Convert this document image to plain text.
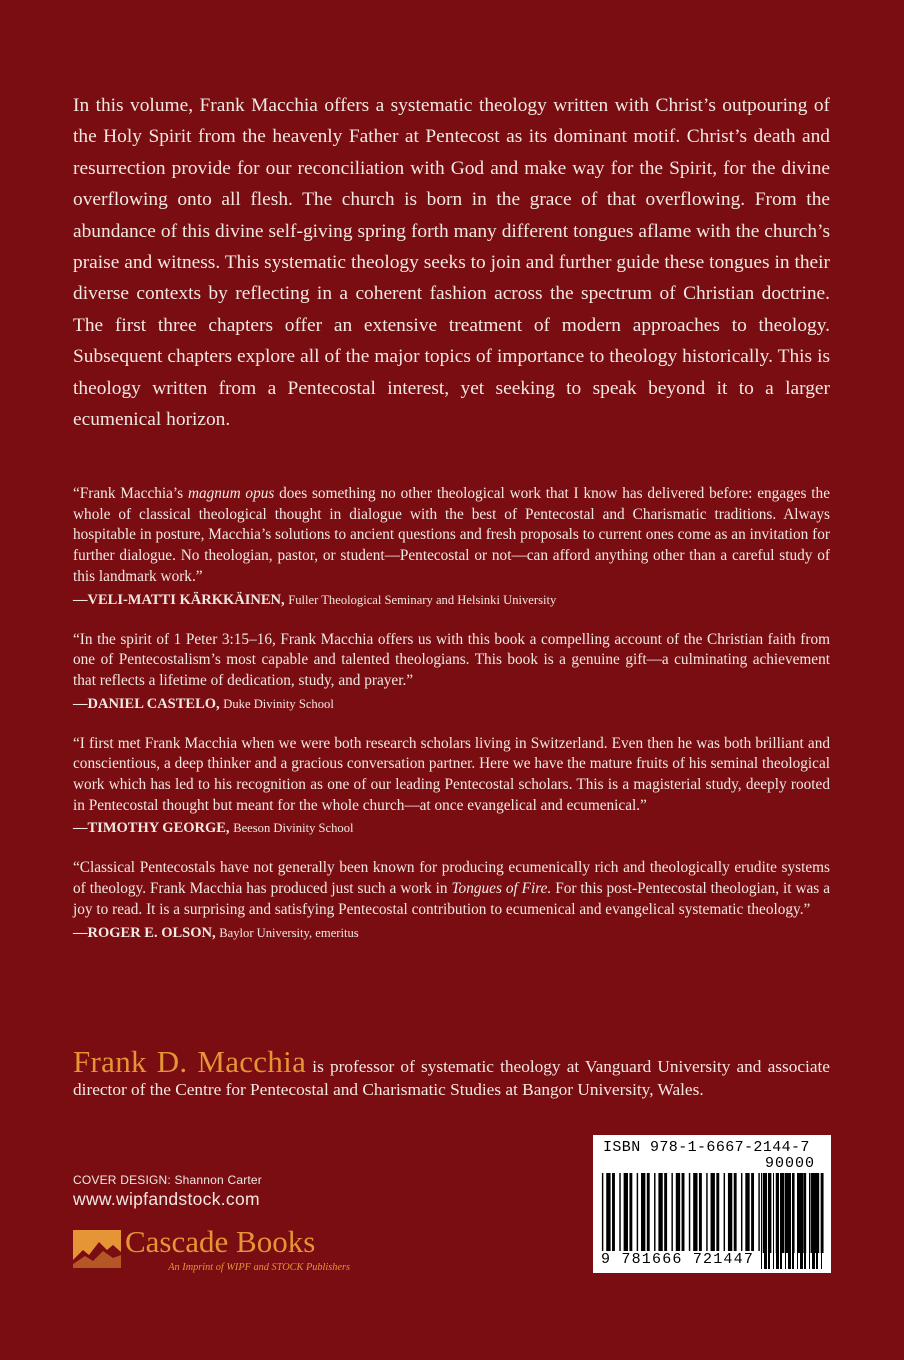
In this volume, Frank Macchia offers a systematic theology written with Christ’s outpouring of the Holy Spirit from the heavenly Father at Pentecost as its dominant motif. Christ’s death and resurrection provide for our reconciliation with God and make way for the Spirit, for the divine overflowing onto all flesh. The church is born in the grace of that overflowing. From the abundance of this divine self-giving spring forth many different tongues aflame with the church’s praise and witness. This systematic theology seeks to join and further guide these tongues in their diverse contexts by reflecting in a coherent fashion across the spectrum of Christian doctrine. The first three chapters offer an extensive treatment of modern approaches to theology. Subsequent chapters explore all of the major topics of importance to theology historically. This is theology written from a Pentecostal interest, yet seeking to speak beyond it to a larger ecumenical horizon.

“Frank Macchia’s magnum opus does something no other theological work that I know has delivered before: engages the whole of classical theological thought in dialogue with the best of Pentecostal and Charismatic traditions. Always hospitable in posture, Macchia’s solutions to ancient questions and fresh proposals to current ones come as an invitation for further dialogue. No theologian, pastor, or student—Pentecostal or not—can afford anything other than a careful study of this landmark work.”

—VELI-MATTI KÄRKKÄINEN, Fuller Theological Seminary and Helsinki University

“In the spirit of 1 Peter 3:15–16, Frank Macchia offers us with this book a compelling account of the Christian faith from one of Pentecostalism’s most capable and talented theologians. This book is a genuine gift—a culminating achievement that reflects a lifetime of dedication, study, and prayer.”

—DANIEL CASTELO, Duke Divinity School

“I first met Frank Macchia when we were both research scholars living in Switzerland. Even then he was both brilliant and conscientious, a deep thinker and a gracious conversation partner. Here we have the mature fruits of his seminal theological work which has led to his recognition as one of our leading Pentecostal scholars. This is a magisterial study, deeply rooted in Pentecostal thought but meant for the whole church—at once evangelical and ecumenical.”

—TIMOTHY GEORGE, Beeson Divinity School

“Classical Pentecostals have not generally been known for producing ecumenically rich and theologically erudite systems of theology. Frank Macchia has produced just such a work in Tongues of Fire. For this post-Pentecostal theologian, it was a joy to read. It is a surprising and satisfying Pentecostal contribution to ecumenical and evangelical systematic theology.”

—ROGER E. OLSON, Baylor University, emeritus

Frank D. Macchia is professor of systematic theology at Vanguard University and associate director of the Centre for Pentecostal and Charismatic Studies at Bangor University, Wales.

COVER DESIGN: Shannon Carter
www.wipfandstock.com
Cascade Books
An Imprint of WIPF and STOCK Publishers
ISBN 978-1-6667-2144-7
90000
9 781666 721447
